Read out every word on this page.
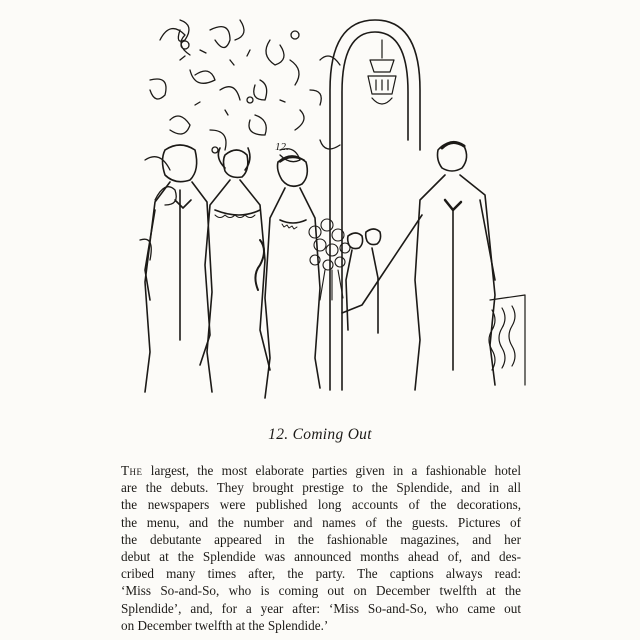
12.
12. Coming Out
The largest, the most elaborate parties given in a fashionable hotel
are the debuts. They brought prestige to the Splendide, and in all
the newspapers were published long accounts of the decorations,
the menu, and the number and names of the guests. Pictures of
the debutante appeared in the fashionable magazines, and her
debut at the Splendide was announced months ahead of, and des-
cribed many times after, the party. The captions always read:
‘Miss So-and-So, who is coming out on December twelfth at the
Splendide’, and, for a year after: ‘Miss So-and-So, who came out
on December twelfth at the Splendide.’
